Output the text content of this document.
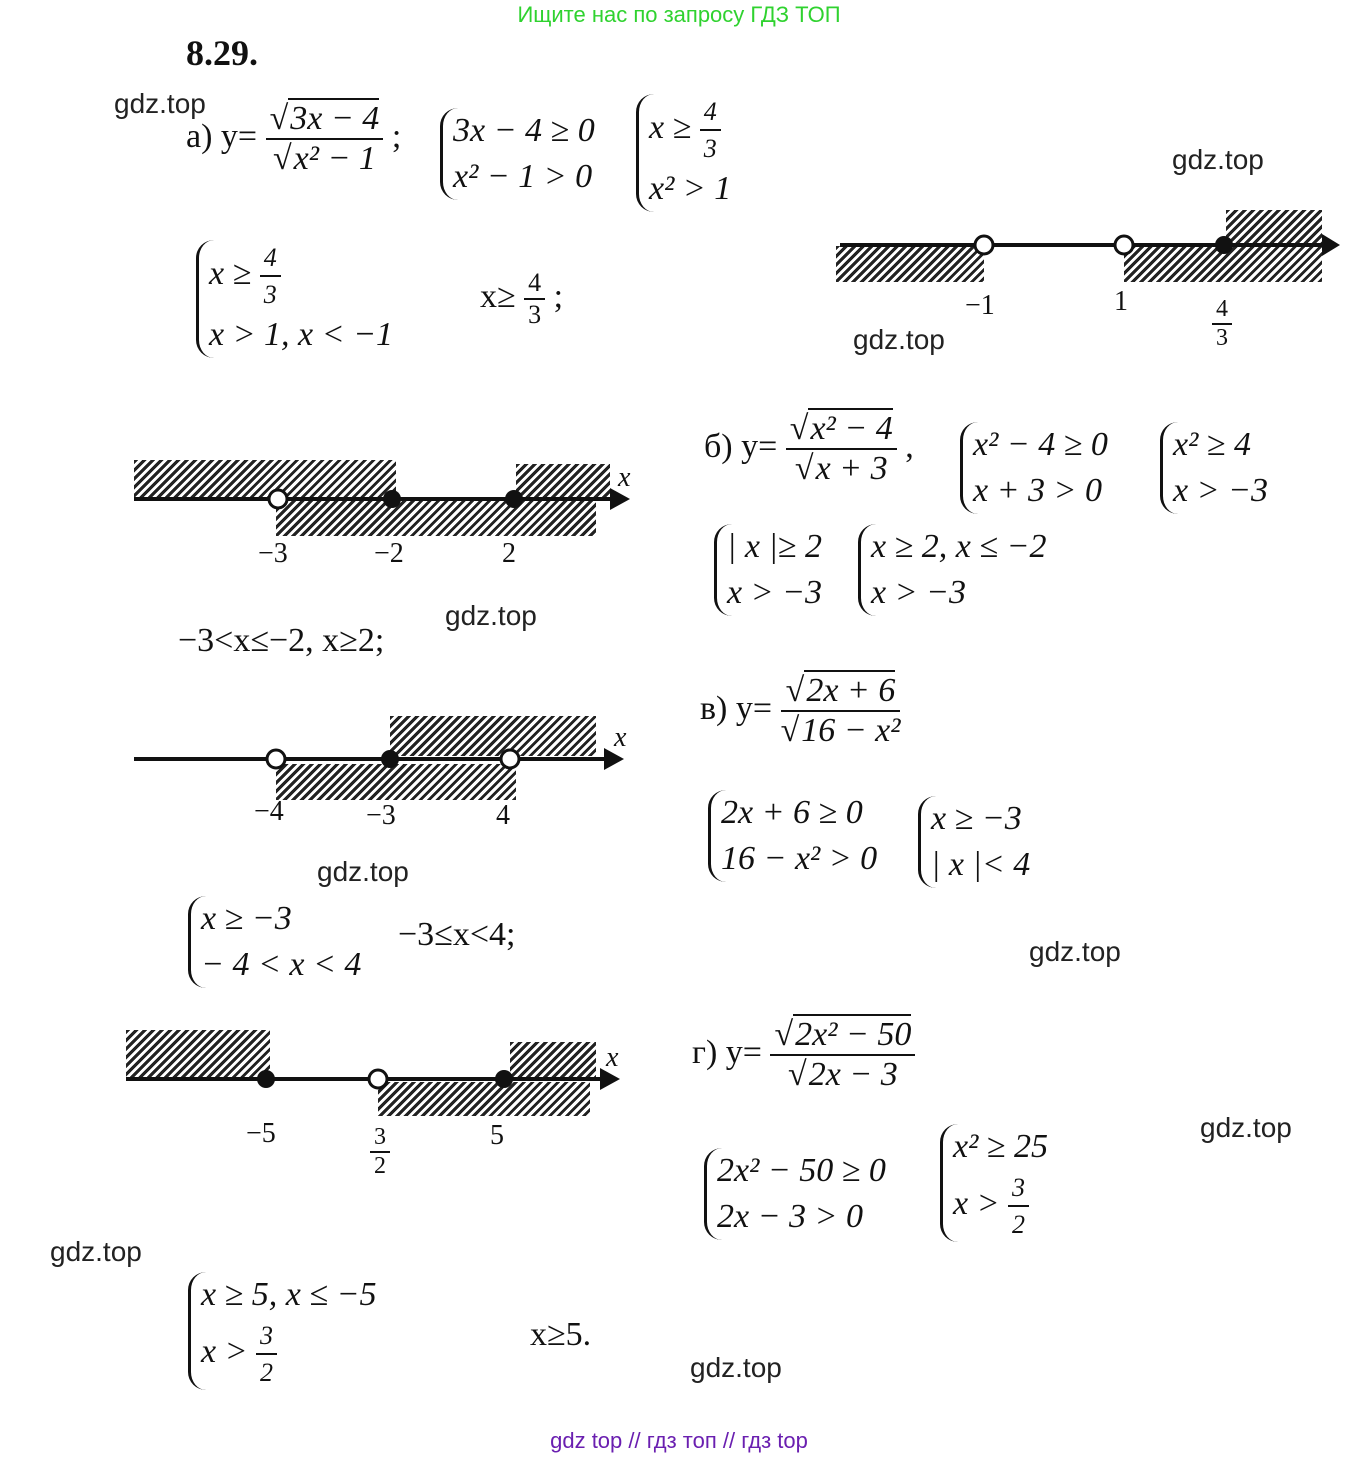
Ищите нас по запросу ГДЗ ТОП
gdz top // гдз топ // гдз top
8.29.
gdz.top
gdz.top
gdz.top
gdz.top
gdz.top
gdz.top
gdz.top
gdz.top
gdz.top
а) $y= \frac{√3x - 4}{\text{√x² − 1}}$ ; 3x − 4 ≥ 0
x² − 1 > 0
$x \ge \frac{4}{3}$
x² > 1
$x \ge \frac{4}{3}$
x > 1, x < −1
$x\ge \frac{4}{3}$ ;	−1	1	$\frac{4}{3}$
x
−3	−2	2
б) $y= \frac{\text{√x² − 4}}{√x + 3}$ , x² − 4 ≥ 0
x + 3 > 0
x² ≥ 4
x > −3
| x |≥ 2
x > −3
x ≥ 2, x ≤ −2
x > −3
−3<x≤−2, x≥2;
x
−4	−3	4
в) $y= \frac{√2x + 6}{\text{√16 − x²}}$
2x + 6 ≥ 0
16 − x² > 0
x ≥ −3
| x |< 4
x ≥ −3
− 4 < x < 4
−3≤x<4;
x
−5	$\frac{3}{2}$	5
г) $y= \frac{\text{√2x² − 50}}{√2x - 3}$
2x² − 50 ≥ 0
2x − 3 > 0
x² ≥ 25
$x > \frac{3}{2}$
x ≥ 5, x ≤ −5
$x > \frac{3}{2}$	x≥5.
